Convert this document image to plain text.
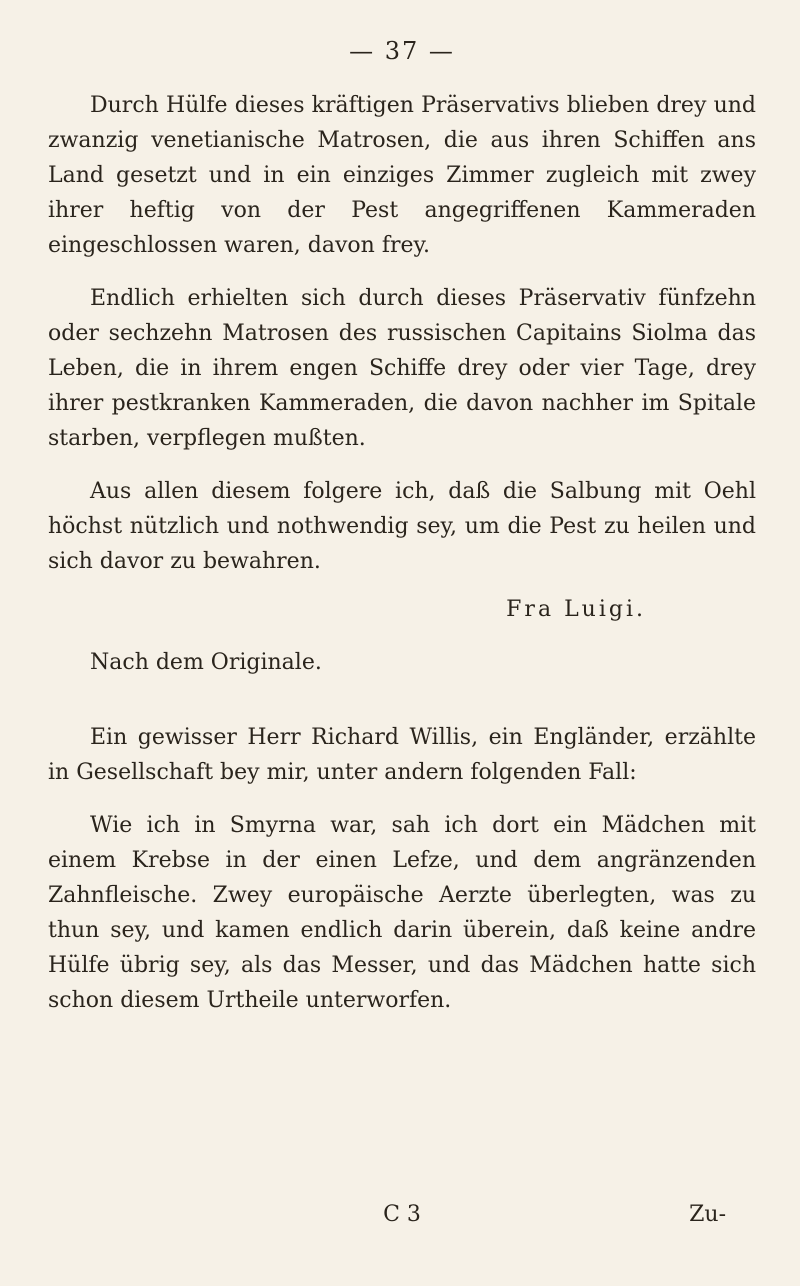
— 37 —

Durch Hülfe dieses kräftigen Präservativs blieben drey und zwanzig venetianische Matrosen, die aus ihren Schiffen ans Land gesetzt und in ein einziges Zimmer zugleich mit zwey ihrer heftig von der Pest angegriffenen Kammeraden eingeschlossen waren, davon frey.

Endlich erhielten sich durch dieses Präservativ fünfzehn oder sechzehn Matrosen des russischen Capitains Siolma das Leben, die in ihrem engen Schiffe drey oder vier Tage, drey ihrer pestkranken Kammeraden, die davon nachher im Spitale starben, verpflegen mußten.

Aus allen diesem folgere ich, daß die Salbung mit Oehl höchst nützlich und nothwendig sey, um die Pest zu heilen und sich davor zu bewahren.

Fra Luigi.
Nach dem Originale.

Ein gewisser Herr Richard Willis, ein Engländer, erzählte in Gesellschaft bey mir, unter andern folgenden Fall:

Wie ich in Smyrna war, sah ich dort ein Mädchen mit einem Krebse in der einen Lefze, und dem angränzenden Zahnfleische. Zwey europäische Aerzte überlegten, was zu thun sey, und kamen endlich darin überein, daß keine andre Hülfe übrig sey, als das Messer, und das Mädchen hatte sich schon diesem Urtheile unterworfen.

C 3	Zu-
